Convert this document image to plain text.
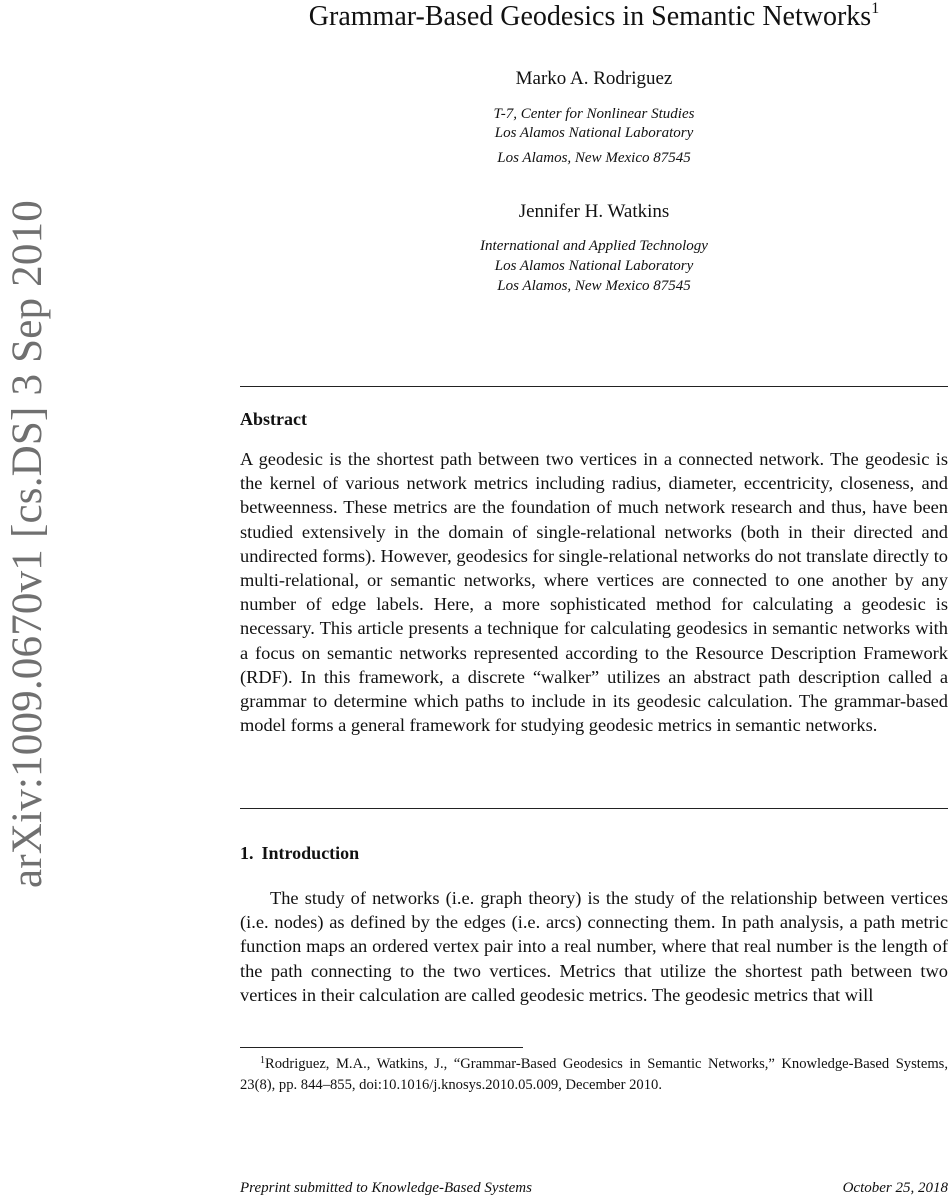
arXiv:1009.0670v1 [cs.DS] 3 Sep 2010
Grammar-Based Geodesics in Semantic Networks$^1$
Marko A. Rodriguez
T-7, Center for Nonlinear Studies
Los Alamos National Laboratory
Los Alamos, New Mexico 87545
Jennifer H. Watkins
International and Applied Technology
Los Alamos National Laboratory
Los Alamos, New Mexico 87545
Abstract
A geodesic is the shortest path between two vertices in a connected network. The geodesic is the kernel of various network metrics including radius, diameter, eccentricity, closeness, and betweenness. These metrics are the foundation of much network research and thus, have been studied extensively in the domain of single-relational networks (both in their directed and undirected forms). However, geodesics for single-relational networks do not translate directly to multi-relational, or semantic networks, where vertices are connected to one another by any number of edge labels. Here, a more sophisticated method for calculating a geodesic is necessary. This article presents a technique for calculating geodesics in semantic networks with a focus on semantic networks represented according to the Resource Description Framework (RDF). In this framework, a discrete “walker” utilizes an abstract path description called a grammar to determine which paths to include in its geodesic calculation. The grammar-based model forms a general framework for studying geodesic metrics in semantic networks.
1. Introduction
The study of networks (i.e. graph theory) is the study of the relationship between vertices (i.e. nodes) as defined by the edges (i.e. arcs) connecting them. In path analysis, a path metric function maps an ordered vertex pair into a real number, where that real number is the length of the path connecting to the two vertices. Metrics that utilize the shortest path between two vertices in their calculation are called geodesic metrics. The geodesic metrics that will
$^1$Rodriguez, M.A., Watkins, J., “Grammar-Based Geodesics in Semantic Networks,” Knowledge-Based Systems, 23(8), pp. 844–855, doi:10.1016/j.knosys.2010.05.009, December 2010.
Preprint submitted to Knowledge-Based Systems	October 25, 2018
